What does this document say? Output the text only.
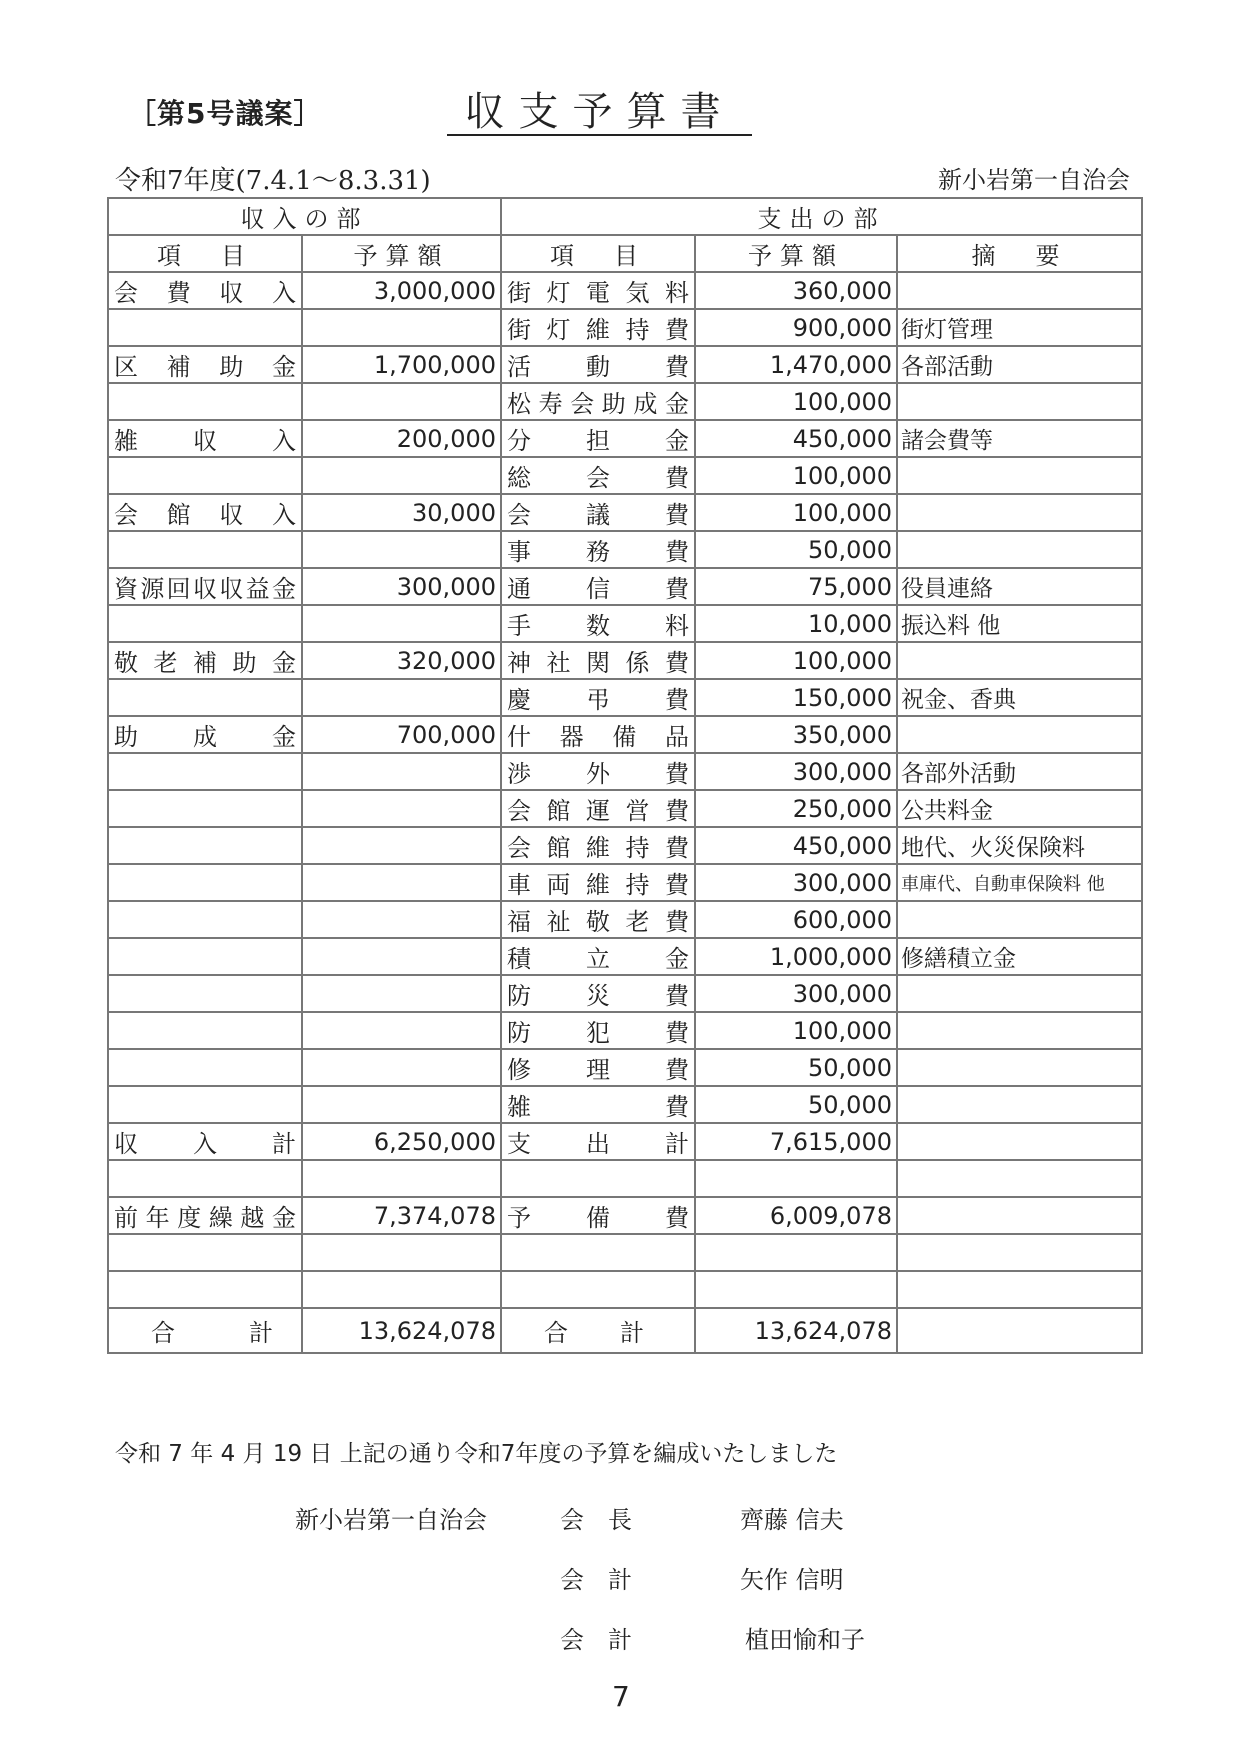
［第5号議案］	収支予算書
令和7年度(7.4.1～8.3.31)	新小岩第一自治会
収入の部		支出の部		
項　目	予算額	項　目	予算額	摘　要
会費収入	3,000,000	街灯電気料	360,000	
		街灯維持費	900,000	街灯管理
区補助金	1,700,000	活動費	1,470,000	各部活動
		松寿会助成金	100,000	
雑収入	200,000	分担金	450,000	諸会費等
		総会費	100,000	
会館収入	30,000	会議費	100,000	
		事務費	50,000	
資源回収収益金	300,000	通信費	75,000	役員連絡
		手数料	10,000	振込料 他
敬老補助金	320,000	神社関係費	100,000	
		慶弔費	150,000	祝金、香典
助成金	700,000	什器備品	350,000	
		渉外費	300,000	各部外活動
		会館運営費	250,000	公共料金
		会館維持費	450,000	地代、火災保険料
		車両維持費	300,000	車庫代、自動車保険料 他
		福祉敬老費	600,000	
		積立金	1,000,000	修繕積立金
		防災費	300,000	
		防犯費	100,000	
		修理費	50,000	
		雑費	50,000	
収入計	6,250,000	支出計	7,615,000	

前年度繰越金	7,374,078	予備費	6,009,078	

合計	13,624,078	合計	13,624,078	
令和 7 年 4 月 19 日 上記の通り令和7年度の予算を編成いたしました
新小岩第一自治会	会　長	齊藤 信夫
会　計	矢作 信明
会　計	植田愉和子
7
